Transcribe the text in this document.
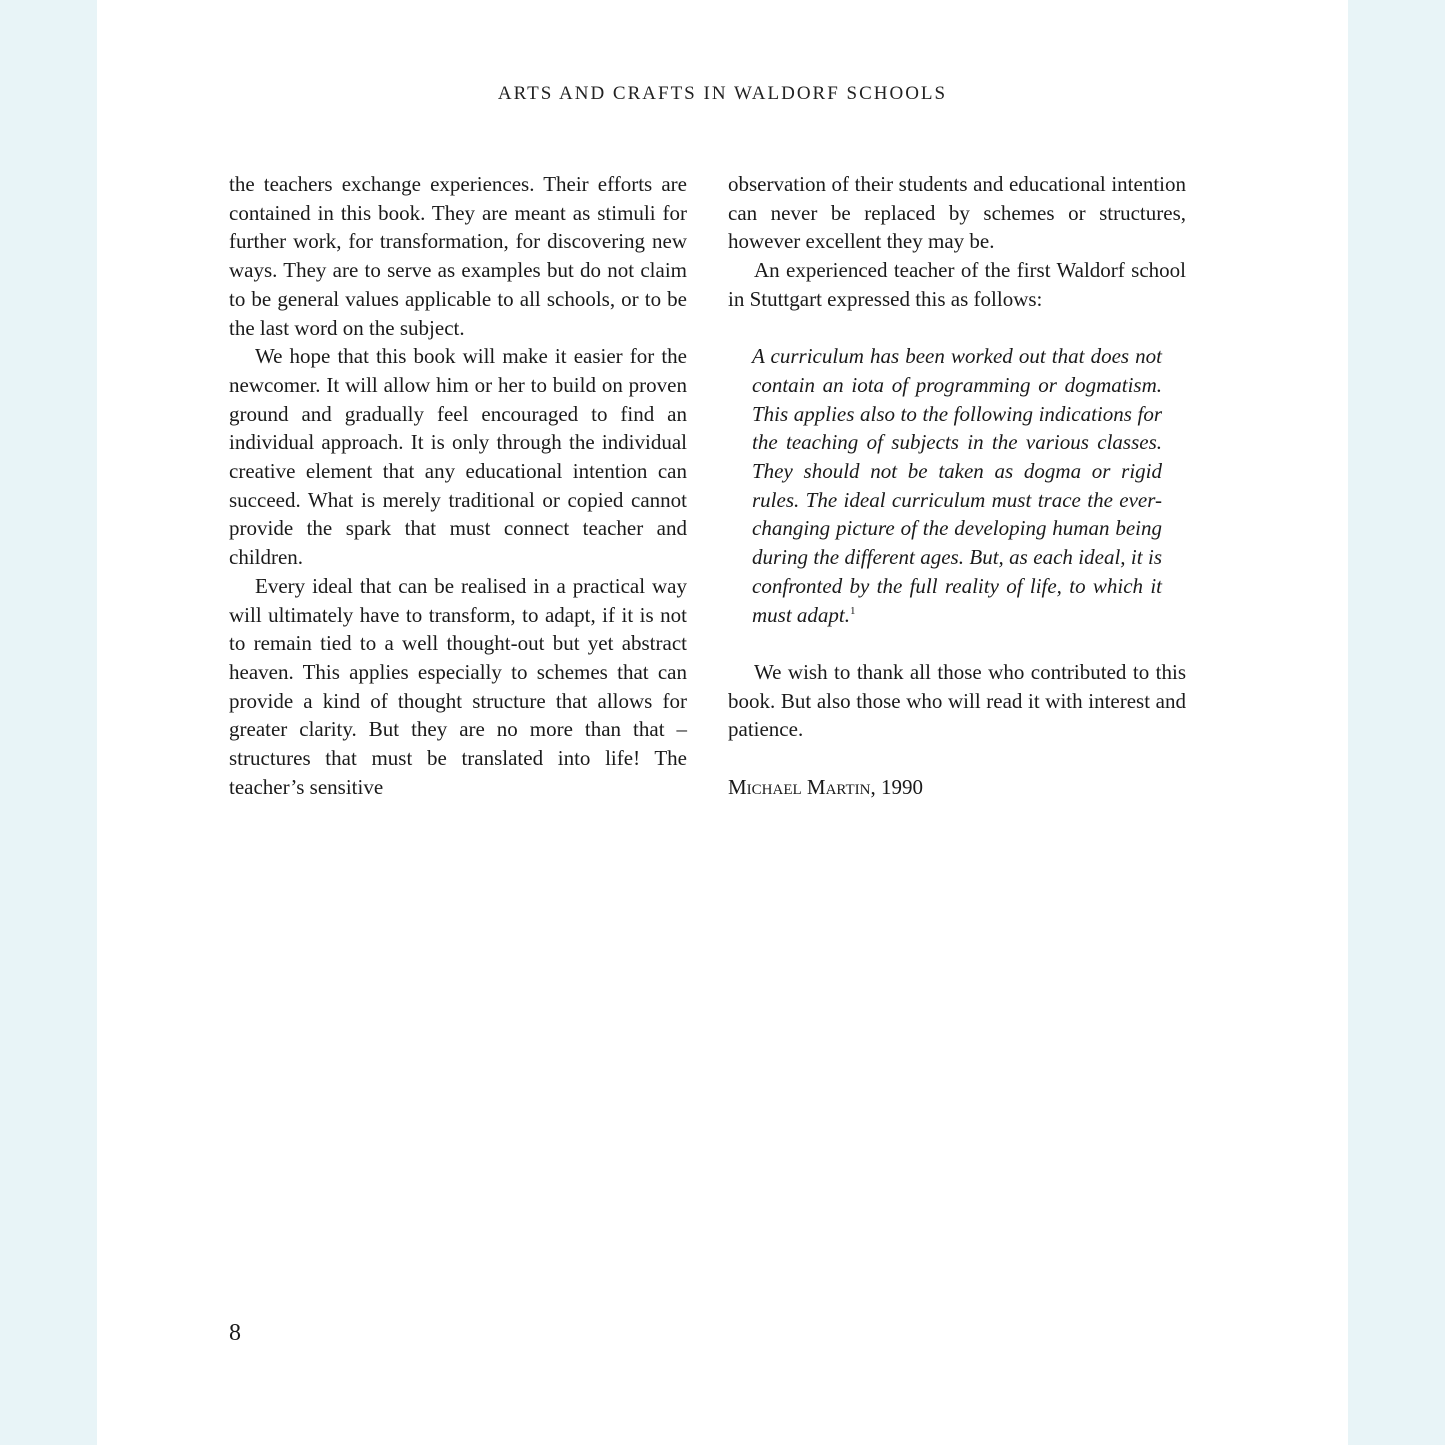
ARTS AND CRAFTS IN WALDORF SCHOOLS

the teachers exchange experiences. Their efforts are contained in this book. They are meant as stimuli for further work, for transformation, for discovering new ways. They are to serve as examples but do not claim to be general values applicable to all schools, or to be the last word on the subject.

We hope that this book will make it easier for the newcomer. It will allow him or her to build on proven ground and gradually feel encouraged to find an individual approach. It is only through the individual creative element that any educational intention can succeed. What is merely traditional or copied cannot provide the spark that must connect teacher and children.

Every ideal that can be realised in a practical way will ultimately have to transform, to adapt, if it is not to remain tied to a well thought-out but yet abstract heaven. This applies especially to schemes that can provide a kind of thought structure that allows for greater clarity. But they are no more than that – structures that must be translated into life! The teacher’s sensitive

observation of their students and educational intention can never be replaced by schemes or structures, however excellent they may be.

An experienced teacher of the first Waldorf school in Stuttgart expressed this as follows:

A curriculum has been worked out that does not contain an iota of programming or dogmatism. This applies also to the following indications for the teaching of subjects in the various classes. They should not be taken as dogma or rigid rules. The ideal curriculum must trace the ever-changing picture of the developing human being during the different ages. But, as each ideal, it is confronted by the full reality of life, to which it must adapt.$^1$

We wish to thank all those who contributed to this book. But also those who will read it with interest and patience.

Michael Martin, 1990

8
